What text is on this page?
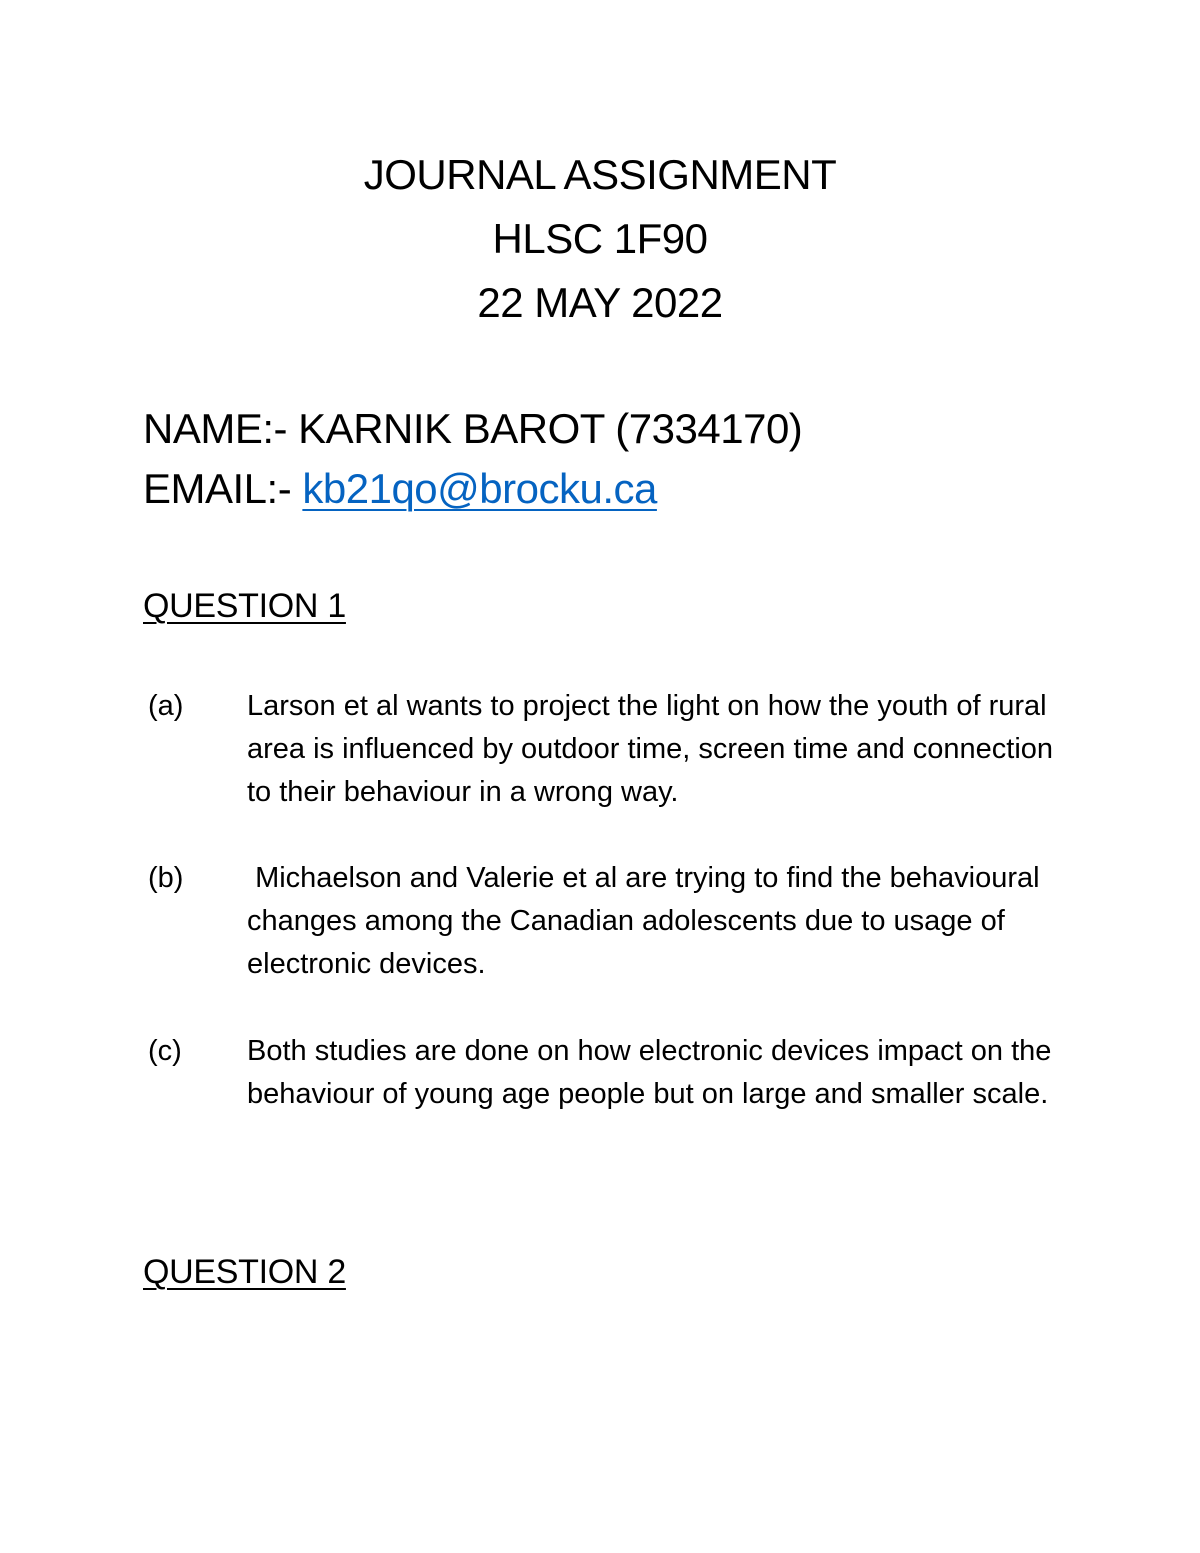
JOURNAL ASSIGNMENT
HLSC 1F90
22 MAY 2022
NAME:- KARNIK BAROT (7334170)
EMAIL:- kb21qo@brocku.ca
QUESTION 1
(a) Larson et al wants to project the light on how the youth of rural area is influenced by outdoor time, screen time and connection to their behaviour in a wrong way.
(b) Michaelson and Valerie et al are trying to find the behavioural changes among the Canadian adolescents due to usage of electronic devices.
(c) Both studies are done on how electronic devices impact on the behaviour of young age people but on large and smaller scale.
QUESTION 2
